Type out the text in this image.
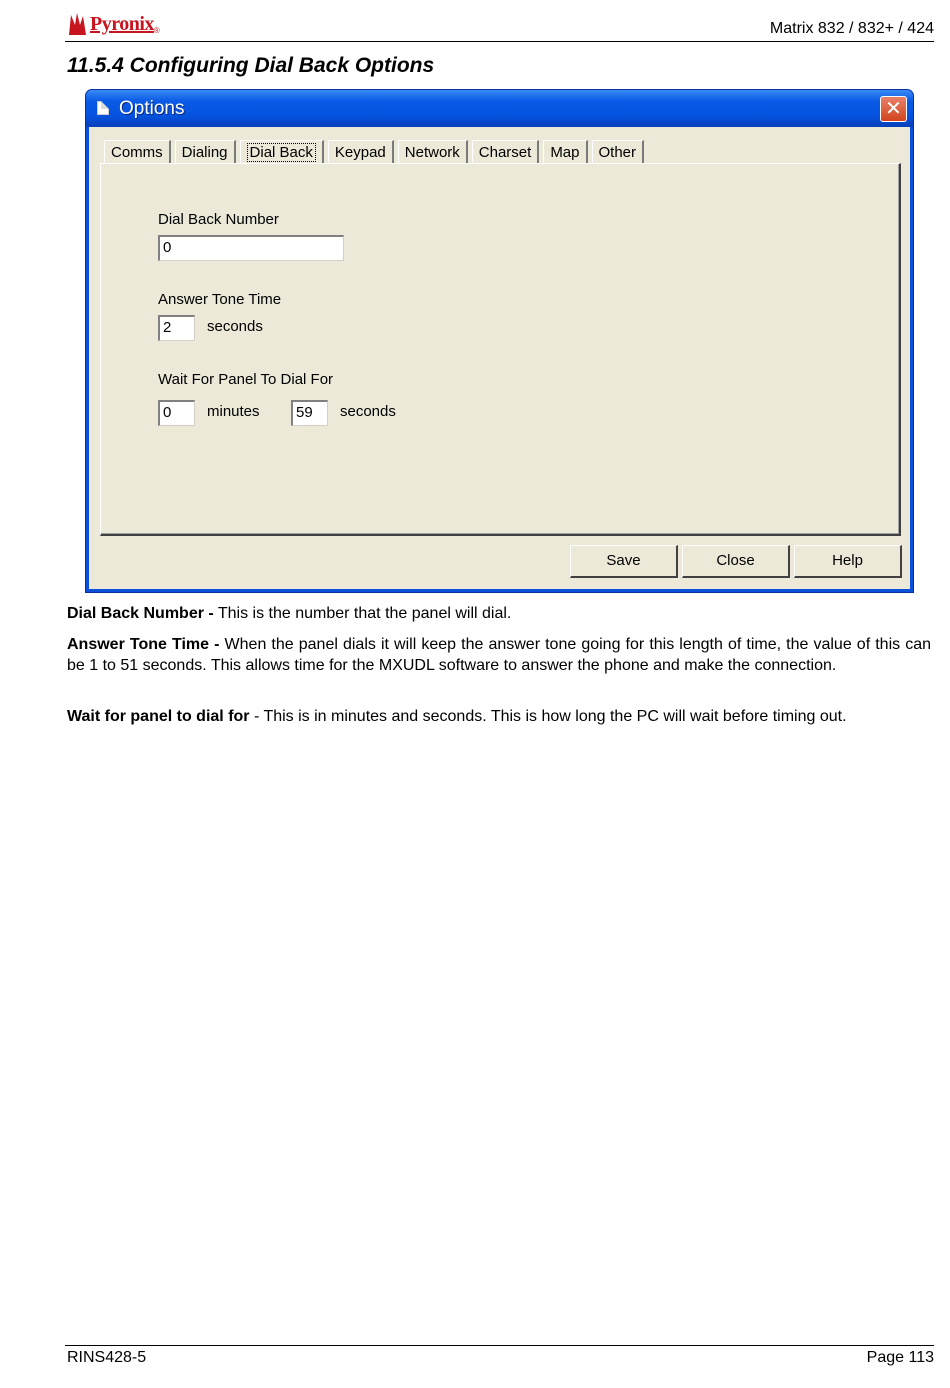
Pyronix ®	Matrix 832 / 832+ / 424
11.5.4 Configuring Dial Back Options
Options	✕
Comms	Dialing	Dial Back	Keypad	Network	Charset	Map	Other
Dial Back Number
0
Answer Tone Time
2	seconds
Wait For Panel To Dial For
0	minutes	59	seconds
Save	Close	Help

Dial Back Number - This is the number that the panel will dial.

Answer Tone Time - When the panel dials it will keep the answer tone going for this length of time, the value of this can be 1 to 51 seconds. This allows time for the MXUDL software to answer the phone and make the connection.

Wait for panel to dial for - This is in minutes and seconds. This is how long the PC will wait before timing out.

RINS428-5	Page 113
